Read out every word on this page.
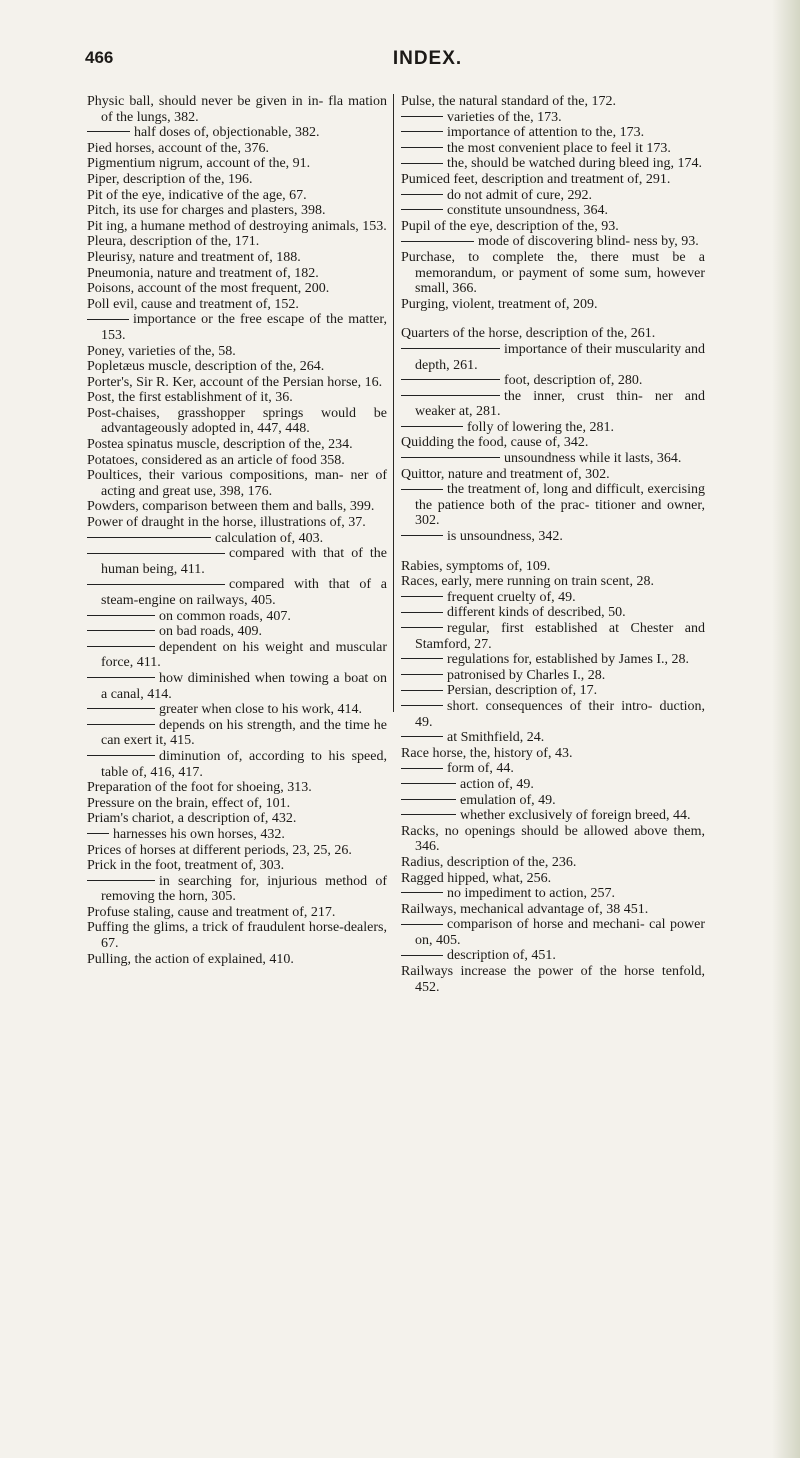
466	INDEX.

Physic ball, should never be given in in- fla mation of the lungs, 382.

half doses of, objectionable, 382.

Pied horses, account of the, 376.

Pigmentium nigrum, account of the, 91.

Piper, description of the, 196.

Pit of the eye, indicative of the age, 67.

Pitch, its use for charges and plasters, 398.

Pit ing, a humane method of destroying animals, 153.

Pleura, description of the, 171.

Pleurisy, nature and treatment of, 188.

Pneumonia, nature and treatment of, 182.

Poisons, account of the most frequent, 200.

Poll evil, cause and treatment of, 152.

importance or the free escape of the matter, 153.

Poney, varieties of the, 58.

Popletæus muscle, description of the, 264.

Porter's, Sir R. Ker, account of the Persian horse, 16.

Post, the first establishment of it, 36.

Post-chaises, grasshopper springs would be advantageously adopted in, 447, 448.

Postea spinatus muscle, description of the, 234.

Potatoes, considered as an article of food 358.

Poultices, their various compositions, man- ner of acting and great use, 398, 176.

Powders, comparison between them and balls, 399.

Power of draught in the horse, illustrations of, 37.

calculation of, 403.

compared with that of the human being, 411.

compared with that of a steam-engine on railways, 405.

on common roads, 407.

on bad roads, 409.

dependent on his weight and muscular force, 411.

how diminished when towing a boat on a canal, 414.

greater when close to his work, 414.

depends on his strength, and the time he can exert it, 415.

diminution of, according to his speed, table of, 416, 417.

Preparation of the foot for shoeing, 313.

Pressure on the brain, effect of, 101.

Priam's chariot, a description of, 432.

harnesses his own horses, 432.

Prices of horses at different periods, 23, 25, 26.

Prick in the foot, treatment of, 303.

in searching for, injurious method of removing the horn, 305.

Profuse staling, cause and treatment of, 217.

Puffing the glims, a trick of fraudulent horse-dealers, 67.

Pulling, the action of explained, 410.

Pulse, the natural standard of the, 172.

varieties of the, 173.

importance of attention to the, 173.

the most convenient place to feel it 173.

the, should be watched during bleed ing, 174.

Pumiced feet, description and treatment of, 291.

do not admit of cure, 292.

constitute unsoundness, 364.

Pupil of the eye, description of the, 93.

mode of discovering blind- ness by, 93.

Purchase, to complete the, there must be a memorandum, or payment of some sum, however small, 366.

Purging, violent, treatment of, 209.

Quarters of the horse, description of the, 261.

importance of their muscularity and depth, 261.

foot, description of, 280.

the inner, crust thin- ner and weaker at, 281.

folly of lowering the, 281.

Quidding the food, cause of, 342.

unsoundness while it lasts, 364.

Quittor, nature and treatment of, 302.

the treatment of, long and difficult, exercising the patience both of the prac- titioner and owner, 302.

is unsoundness, 342.

Rabies, symptoms of, 109.

Races, early, mere running on train scent, 28.

frequent cruelty of, 49.

different kinds of described, 50.

regular, first established at Chester and Stamford, 27.

regulations for, established by James I., 28.

patronised by Charles I., 28.

Persian, description of, 17.

short. consequences of their intro- duction, 49.

at Smithfield, 24.

Race horse, the, history of, 43.

form of, 44.

action of, 49.

emulation of, 49.

whether exclusively of foreign breed, 44.

Racks, no openings should be allowed above them, 346.

Radius, description of the, 236.

Ragged hipped, what, 256.

no impediment to action, 257.

Railways, mechanical advantage of, 38 451.

comparison of horse and mechani- cal power on, 405.

description of, 451.

Railways increase the power of the horse tenfold, 452.
